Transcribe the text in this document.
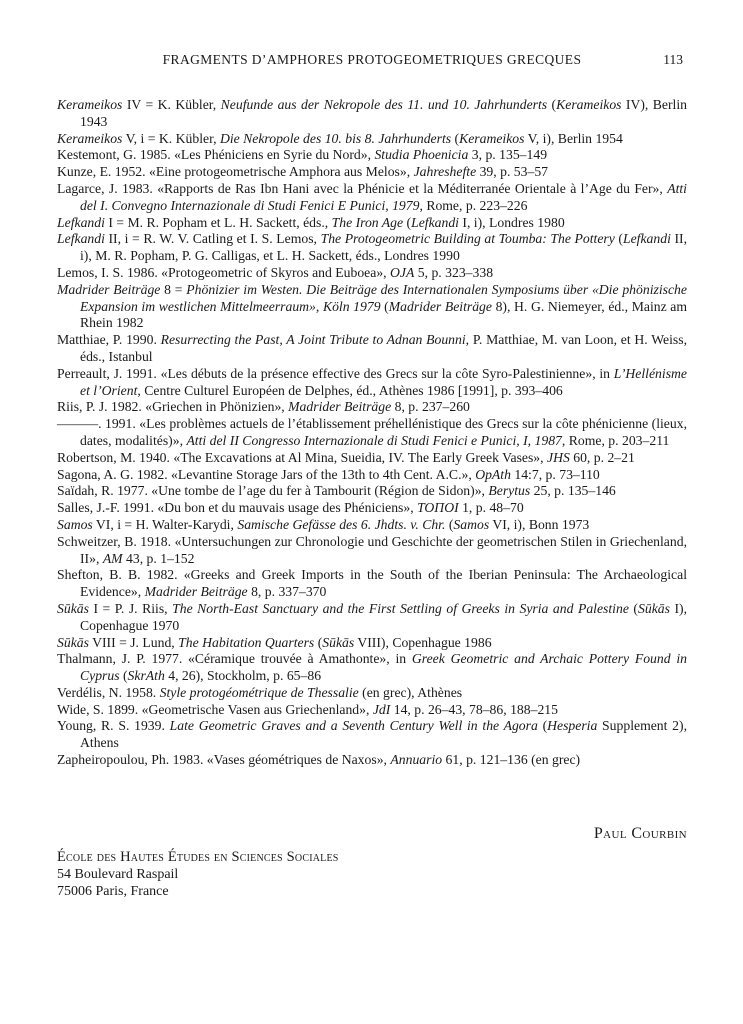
FRAGMENTS D’AMPHORES PROTOGEOMETRIQUES GRECQUES	113

Kerameikos IV = K. Kübler, Neufunde aus der Nekropole des 11. und 10. Jahrhunderts (Kerameikos IV), Berlin 1943

Kerameikos V, i = K. Kübler, Die Nekropole des 10. bis 8. Jahrhunderts (Kerameikos V, i), Berlin 1954

Kestemont, G. 1985. «Les Phéniciens en Syrie du Nord», Studia Phoenicia 3, p. 135–149

Kunze, E. 1952. «Eine protogeometrische Amphora aus Melos», Jahreshefte 39, p. 53–57

Lagarce, J. 1983. «Rapports de Ras Ibn Hani avec la Phénicie et la Méditerranée Orientale à l’Age du Fer», Atti del I. Convegno Internazionale di Studi Fenici E Punici, 1979, Rome, p. 223–226

Lefkandi I = M. R. Popham et L. H. Sackett, éds., The Iron Age (Lefkandi I, i), Londres 1980

Lefkandi II, i = R. W. V. Catling et I. S. Lemos, The Protogeometric Building at Toumba: The Pottery (Lefkandi II, i), M. R. Popham, P. G. Calligas, et L. H. Sackett, éds., Londres 1990

Lemos, I. S. 1986. «Protogeometric of Skyros and Euboea», OJA 5, p. 323–338

Madrider Beiträge 8 = Phönizier im Westen. Die Beiträge des Internationalen Symposiums über «Die phönizische Expansion im westlichen Mittelmeerraum», Köln 1979 (Madrider Beiträge 8), H. G. Niemeyer, éd., Mainz am Rhein 1982

Matthiae, P. 1990. Resurrecting the Past, A Joint Tribute to Adnan Bounni, P. Matthiae, M. van Loon, et H. Weiss, éds., Istanbul

Perreault, J. 1991. «Les débuts de la présence effective des Grecs sur la côte Syro-Palestinienne», in L’Hellénisme et l’Orient, Centre Culturel Européen de Delphes, éd., Athènes 1986 [1991], p. 393–406

Riis, P. J. 1982. «Griechen in Phönizien», Madrider Beiträge 8, p. 237–260

———. 1991. «Les problèmes actuels de l’établissement préhellénistique des Grecs sur la côte phénicienne (lieux, dates, modalités)», Atti del II Congresso Internazionale di Studi Fenici e Punici, I, 1987, Rome, p. 203–211

Robertson, M. 1940. «The Excavations at Al Mina, Sueidia, IV. The Early Greek Vases», JHS 60, p. 2–21

Sagona, A. G. 1982. «Levantine Storage Jars of the 13th to 4th Cent. A.C.», OpAth 14:7, p. 73–110

Saïdah, R. 1977. «Une tombe de l’age du fer à Tambourit (Région de Sidon)», Berytus 25, p. 135–146

Salles, J.-F. 1991. «Du bon et du mauvais usage des Phéniciens», ΤΟΠΟΙ 1, p. 48–70

Samos VI, i = H. Walter-Karydi, Samische Gefässe des 6. Jhdts. v. Chr. (Samos VI, i), Bonn 1973

Schweitzer, B. 1918. «Untersuchungen zur Chronologie und Geschichte der geometrischen Stilen in Griechenland, II», AM 43, p. 1–152

Shefton, B. B. 1982. «Greeks and Greek Imports in the South of the Iberian Peninsula: The Archaeological Evidence», Madrider Beiträge 8, p. 337–370

Sūkās I = P. J. Riis, The North-East Sanctuary and the First Settling of Greeks in Syria and Palestine (Sūkās I), Copenhague 1970

Sūkās VIII = J. Lund, The Habitation Quarters (Sūkās VIII), Copenhague 1986

Thalmann, J. P. 1977. «Céramique trouvée à Amathonte», in Greek Geometric and Archaic Pottery Found in Cyprus (SkrAth 4, 26), Stockholm, p. 65–86

Verdélis, N. 1958. Style protogéométrique de Thessalie (en grec), Athènes

Wide, S. 1899. «Geometrische Vasen aus Griechenland», JdI 14, p. 26–43, 78–86, 188–215

Young, R. S. 1939. Late Geometric Graves and a Seventh Century Well in the Agora (Hesperia Supplement 2), Athens

Zapheiropoulou, Ph. 1983. «Vases géométriques de Naxos», Annuario 61, p. 121–136 (en grec)

Paul Courbin
École des Hautes Études en Sciences Sociales
54 Boulevard Raspail
75006 Paris, France
